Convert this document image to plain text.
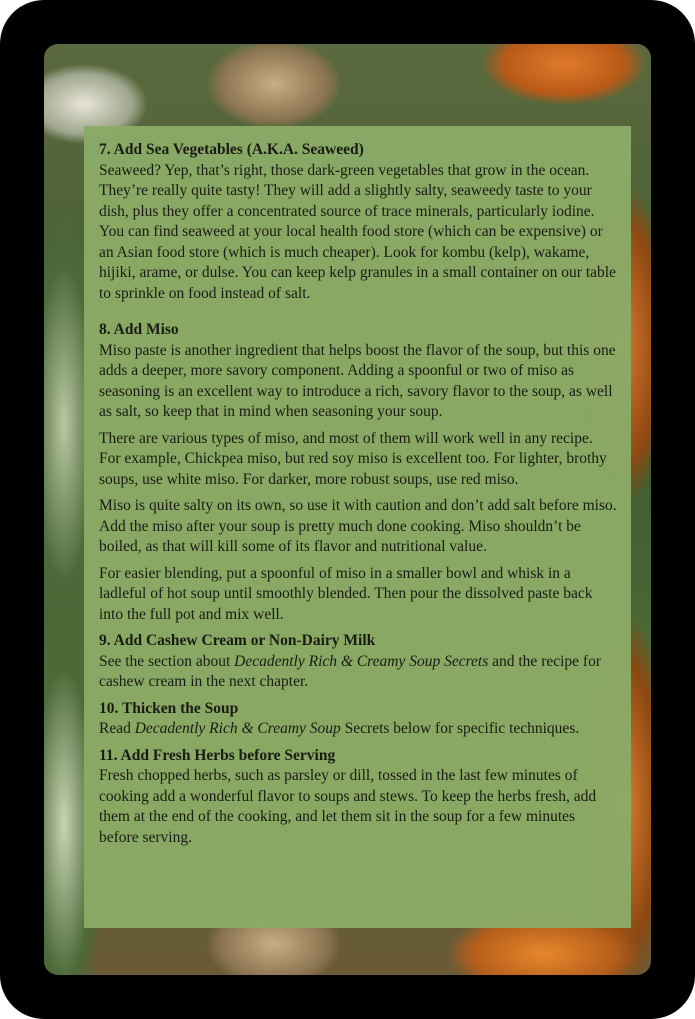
7. Add Sea Vegetables (A.K.A. Seaweed)

Seaweed? Yep, that’s right, those dark-green vegetables that grow in the ocean. They’re really quite tasty! They will add a slightly salty, seaweedy taste to your dish, plus they offer a concentrated source of trace minerals, particularly iodine. You can find seaweed at your local health food store (which can be expensive) or an Asian food store (which is much cheaper). Look for kombu (kelp), wakame, hijiki, arame, or dulse. You can keep kelp granules in a small container on our table to sprinkle on food instead of salt.

8. Add Miso

Miso paste is another ingredient that helps boost the flavor of the soup, but this one adds a deeper, more savory component. Adding a spoonful or two of miso as seasoning is an excellent way to introduce a rich, savory flavor to the soup, as well as salt, so keep that in mind when seasoning your soup.

There are various types of miso, and most of them will work well in any recipe. For example, Chickpea miso, but red soy miso is excellent too. For lighter, brothy soups, use white miso. For darker, more robust soups, use red miso.

Miso is quite salty on its own, so use it with caution and don’t add salt before miso. Add the miso after your soup is pretty much done cooking. Miso shouldn’t be boiled, as that will kill some of its flavor and nutritional value.

For easier blending, put a spoonful of miso in a smaller bowl and whisk in a ladleful of hot soup until smoothly blended. Then pour the dissolved paste back into the full pot and mix well.

9. Add Cashew Cream or Non-Dairy Milk

See the section about Decadently Rich & Creamy Soup Secrets and the recipe for cashew cream in the next chapter.

10. Thicken the Soup

Read Decadently Rich & Creamy Soup Secrets below for specific techniques.

11. Add Fresh Herbs before Serving

Fresh chopped herbs, such as parsley or dill, tossed in the last few minutes of cooking add a wonderful flavor to soups and stews. To keep the herbs fresh, add them at the end of the cooking, and let them sit in the soup for a few minutes before serving.
